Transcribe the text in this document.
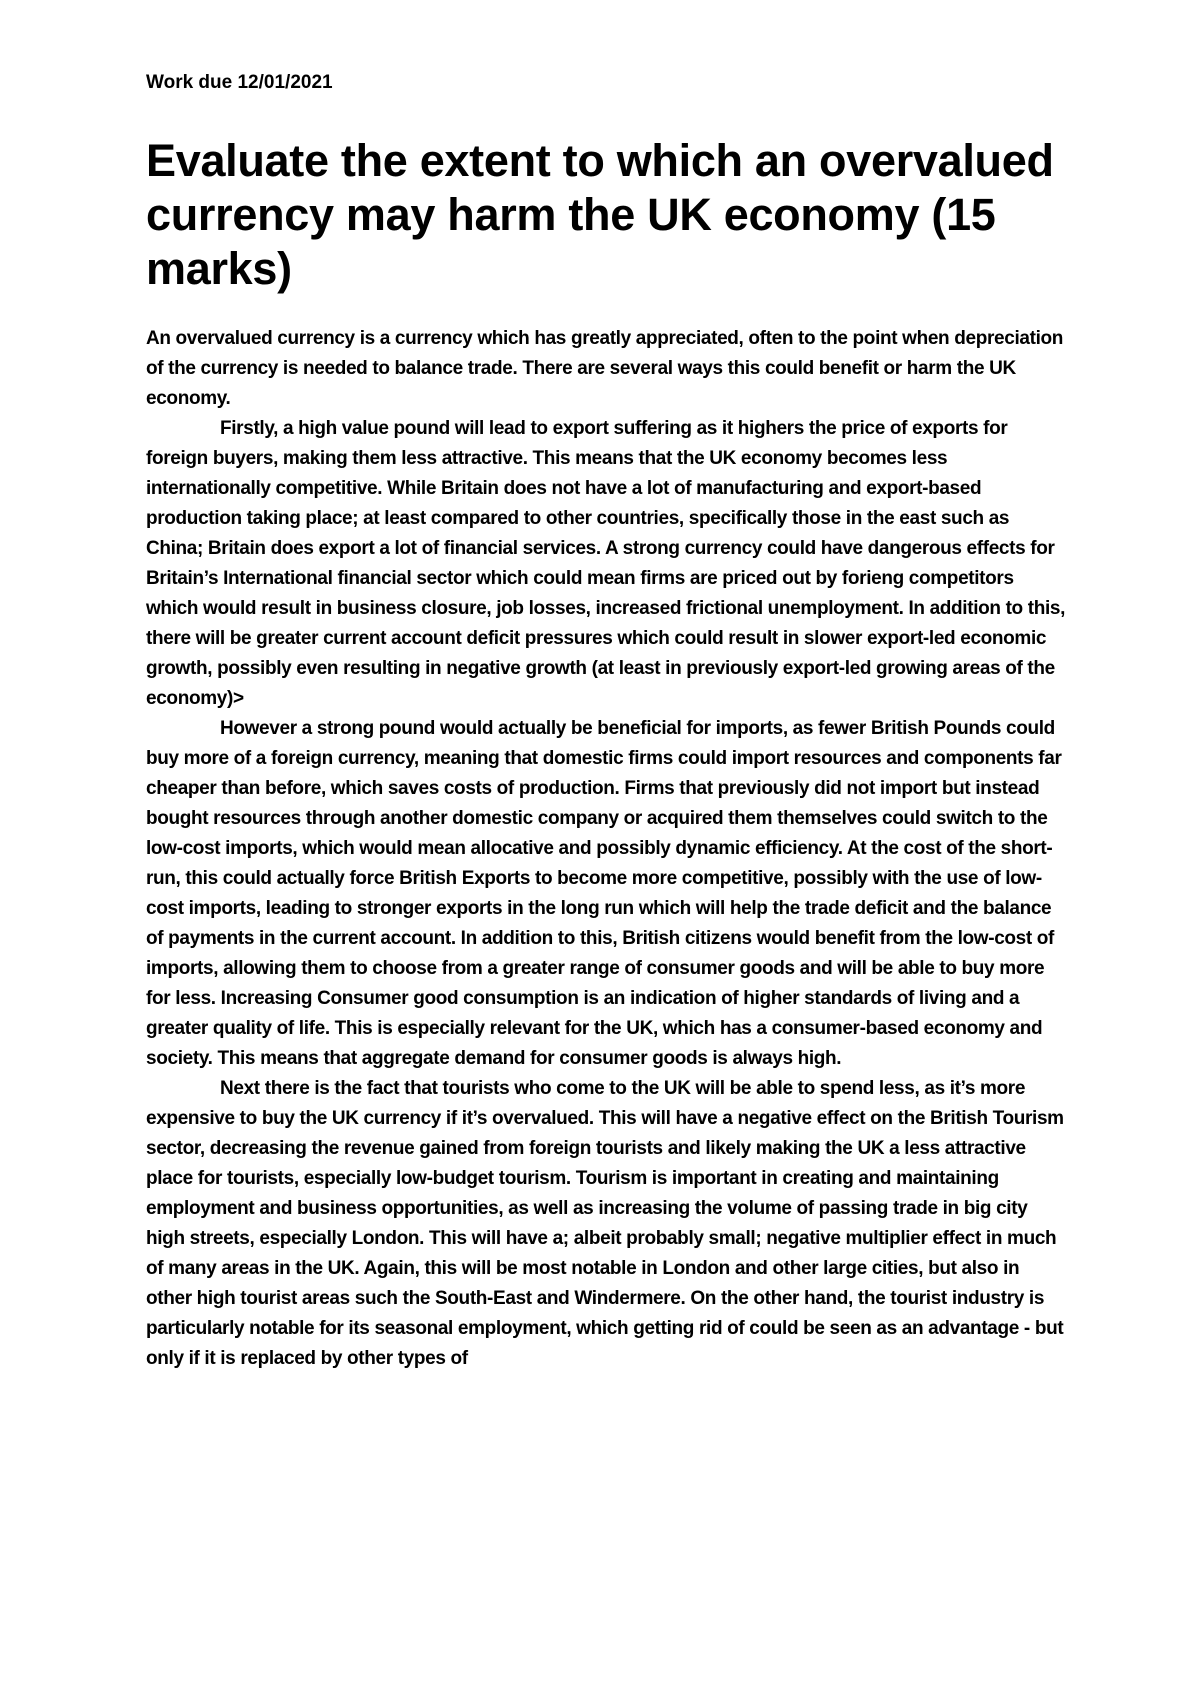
Work due 12/01/2021
Evaluate the extent to which an overvalued currency may harm the UK economy (15 marks)

An overvalued currency is a currency which has greatly appreciated, often to the point when depreciation of the currency is needed to balance trade. There are several ways this could benefit or harm the UK economy.

Firstly, a high value pound will lead to export suffering as it highers the price of exports for foreign buyers, making them less attractive. This means that the UK economy becomes less internationally competitive. While Britain does not have a lot of manufacturing and export-based production taking place; at least compared to other countries, specifically those in the east such as China; Britain does export a lot of financial services. A strong currency could have dangerous effects for Britain’s International financial sector which could mean firms are priced out by forieng competitors which would result in business closure, job losses, increased frictional unemployment. In addition to this, there will be greater current account deficit pressures which could result in slower export-led economic growth, possibly even resulting in negative growth (at least in previously export-led growing areas of the economy)>

However a strong pound would actually be beneficial for imports, as fewer British Pounds could buy more of a foreign currency, meaning that domestic firms could import resources and components far cheaper than before, which saves costs of production. Firms that previously did not import but instead bought resources through another domestic company or acquired them themselves could switch to the low-cost imports, which would mean allocative and possibly dynamic efficiency. At the cost of the short-run, this could actually force British Exports to become more competitive, possibly with the use of low-cost imports, leading to stronger exports in the long run which will help the trade deficit and the balance of payments in the current account. In addition to this, British citizens would benefit from the low-cost of imports, allowing them to choose from a greater range of consumer goods and will be able to buy more for less. Increasing Consumer good consumption is an indication of higher standards of living and a greater quality of life. This is especially relevant for the UK, which has a consumer-based economy and society. This means that aggregate demand for consumer goods is always high.

Next there is the fact that tourists who come to the UK will be able to spend less, as it’s more expensive to buy the UK currency if it’s overvalued. This will have a negative effect on the British Tourism sector, decreasing the revenue gained from foreign tourists and likely making the UK a less attractive place for tourists, especially low-budget tourism. Tourism is important in creating and maintaining employment and business opportunities, as well as increasing the volume of passing trade in big city high streets, especially London. This will have a; albeit probably small; negative multiplier effect in much of many areas in the UK. Again, this will be most notable in London and other large cities, but also in other high tourist areas such the South-East and Windermere. On the other hand, the tourist industry is particularly notable for its seasonal employment, which getting rid of could be seen as an advantage - but only if it is replaced by other types of
